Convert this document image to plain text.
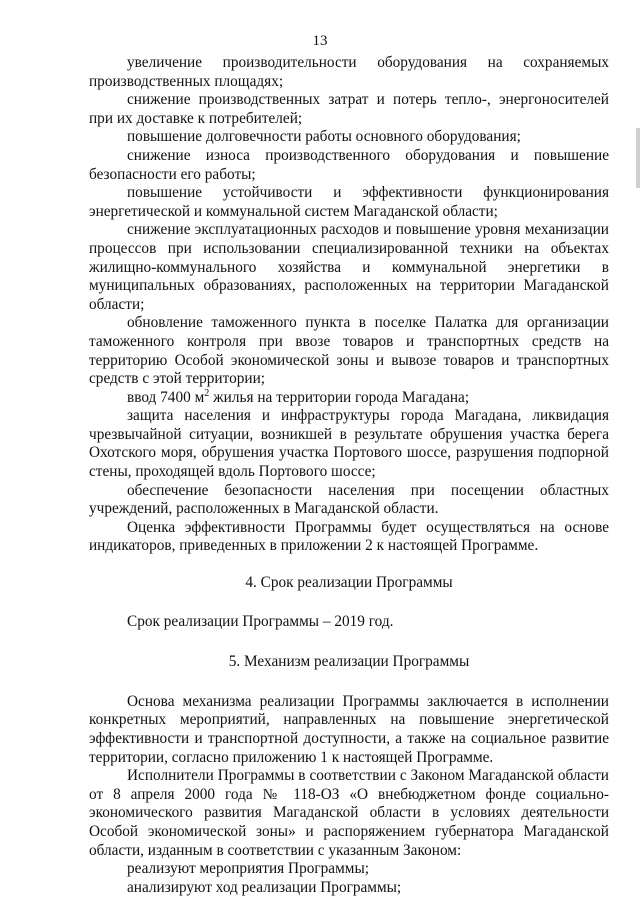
13

увеличение производительности оборудования на сохраняемых производственных площадях;

снижение производственных затрат и потерь тепло-, энергоносителей при их доставке к потребителей;

повышение долговечности работы основного оборудования;

снижение износа производственного оборудования и повышение безопасности его работы;

повышение устойчивости и эффективности функционирования энергетической и коммунальной систем Магаданской области;

снижение эксплуатационных расходов и повышение уровня механизации процессов при использовании специализированной техники на объектах жилищно-коммунального хозяйства и коммунальной энергетики в муниципальных образованиях, расположенных на территории Магаданской области;

обновление таможенного пункта в поселке Палатка для организации таможенного контроля при ввозе товаров и транспортных средств на территорию Особой экономической зоны и вывозе товаров и транспортных средств с этой территории;

ввод 7400 $м^2$ жилья на территории города Магадана;

защита населения и инфраструктуры города Магадана, ликвидация чрезвычайной ситуации, возникшей в результате обрушения участка берега Охотского моря, обрушения участка Портового шоссе, разрушения подпорной стены, проходящей вдоль Портового шоссе;

обеспечение безопасности населения при посещении областных учреждений, расположенных в Магаданской области.

Оценка эффективности Программы будет осуществляться на основе индикаторов, приведенных в приложении 2 к настоящей Программе.

4. Срок реализации Программы

Срок реализации Программы – 2019 год.

5. Механизм реализации Программы

Основа механизма реализации Программы заключается в исполнении конкретных мероприятий, направленных на повышение энергетической эффективности и транспортной доступности, а также на социальное развитие территории, согласно приложению 1 к настоящей Программе.

Исполнители Программы в соответствии с Законом Магаданской области от 8 апреля 2000 года № 118-ОЗ «О внебюджетном фонде социально-экономического развития Магаданской области в условиях деятельности Особой экономической зоны» и распоряжением губернатора Магаданской области, изданным в соответствии с указанным Законом:

реализуют мероприятия Программы;

анализируют ход реализации Программы;
